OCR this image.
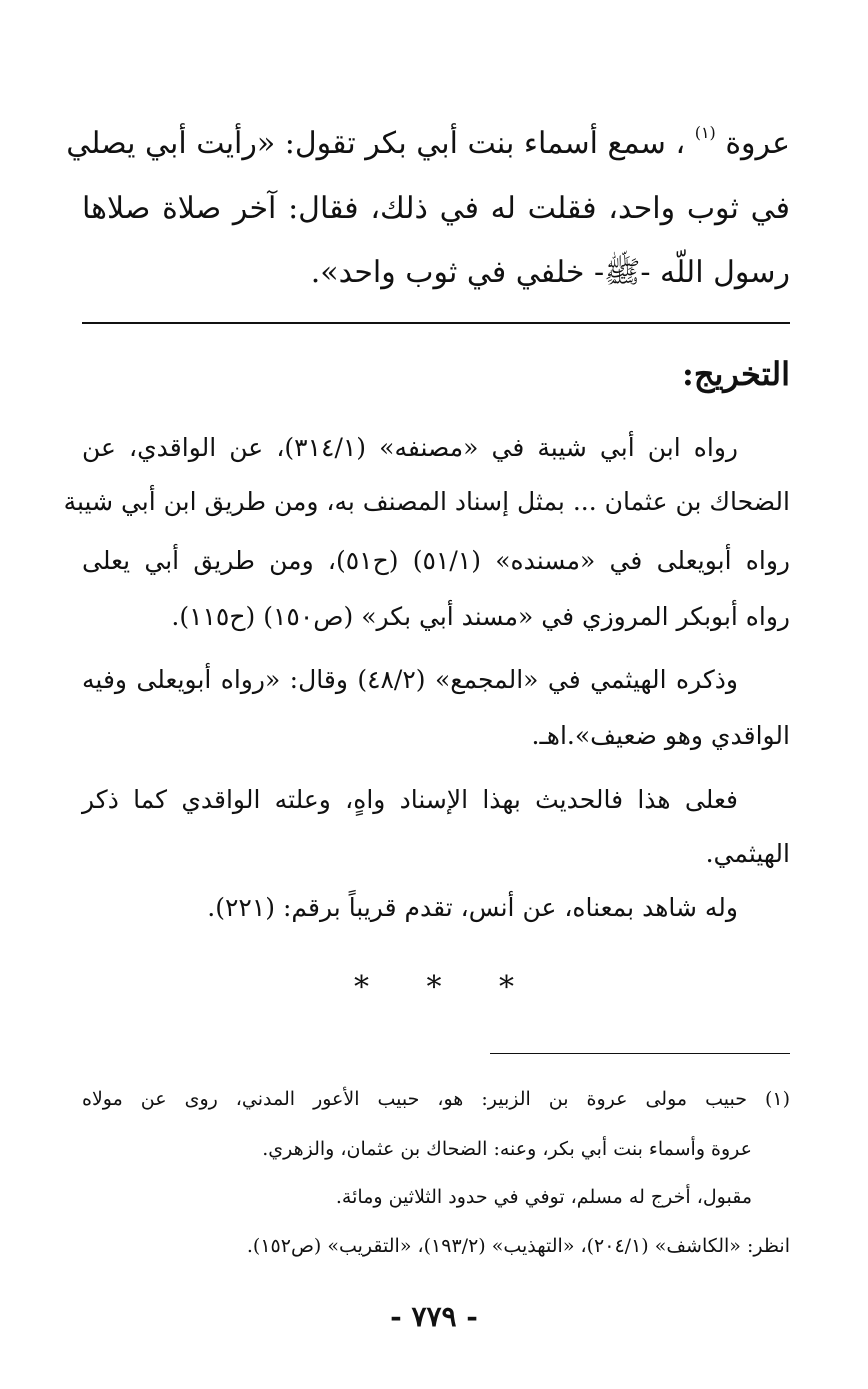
عروة $^{(١)}$ ، سمع أسماء بنت أبي بكر تقول: «رأيت أبي يصلي
في ثوب واحد، فقلت له في ذلك، فقال: آخر صلاة صلاها
رسول اللّه -ﷺ- خلفي في ثوب واحد».
التخريج:
رواه ابن أبي شيبة في «مصنفه» (٣١٤/١)، عن الواقدي، عن
الضحاك بن عثمان ... بمثل إسناد المصنف به، ومن طريق ابن أبي شيبة
رواه أبويعلى في «مسنده» (٥١/١) (ح٥١)، ومن طريق أبي يعلى
رواه أبوبكر المروزي في «مسند أبي بكر» (ص١٥٠) (ح١١٥).
وذكره الهيثمي في «المجمع» (٤٨/٢) وقال: «رواه أبويعلى وفيه
الواقدي وهو ضعيف».اهـ.
فعلى هذا فالحديث بهذا الإسناد واهٍ، وعلته الواقدي كما ذكر
الهيثمي.
وله شاهد بمعناه، عن أنس، تقدم قريباً برقم: (٢٢١).
* * *
(١) حبيب مولى عروة بن الزبير: هو، حبيب الأعور المدني، روى عن مولاه
عروة وأسماء بنت أبي بكر، وعنه: الضحاك بن عثمان، والزهري.
مقبول، أخرج له مسلم، توفي في حدود الثلاثين ومائة.
انظر: «الكاشف» (٢٠٤/١)، «التهذيب» (١٩٣/٢)، «التقريب» (ص١٥٢).
- ٧٧٩ -
